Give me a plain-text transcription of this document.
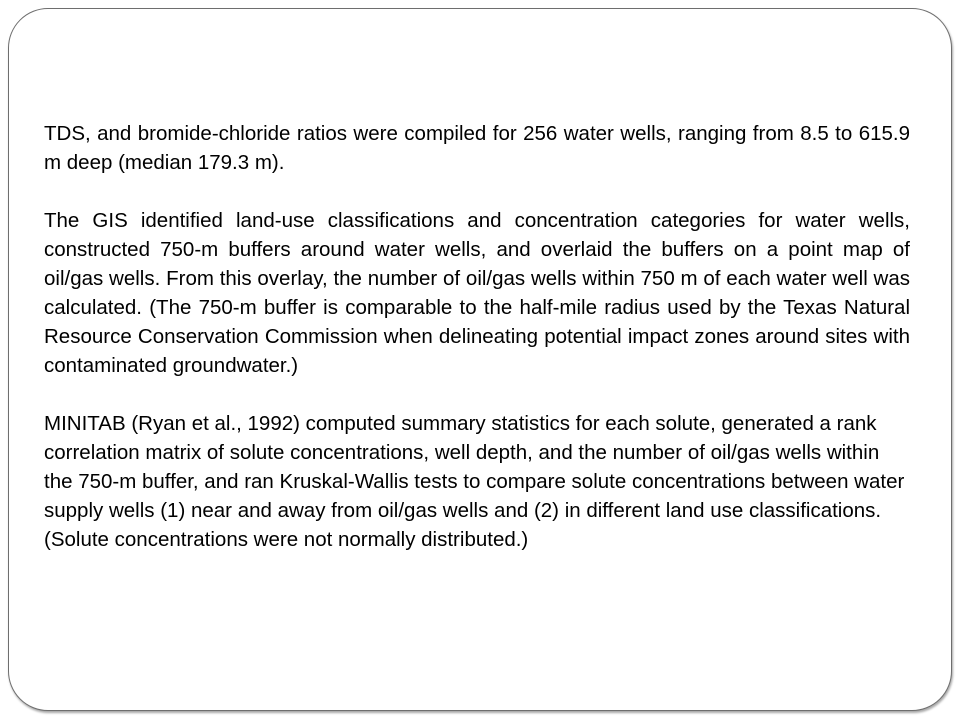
TDS, and bromide-chloride ratios were compiled for 256 water wells, ranging from 8.5 to 615.9 m deep (median 179.3 m).

The GIS identified land-use classifications and concentration categories for water wells, constructed 750-m buffers around water wells, and overlaid the buffers on a point map of oil/gas wells. From this overlay, the number of oil/gas wells within 750 m of each water well was calculated. (The 750-m buffer is comparable to the half-mile radius used by the Texas Natural Resource Conservation Commission when delineating potential impact zones around sites with contaminated groundwater.)

MINITAB (Ryan et al., 1992) computed summary statistics for each solute, generated a rank correlation matrix of solute concentrations, well depth, and the number of oil/gas wells within the 750-m buffer, and ran Kruskal-Wallis tests to compare solute concentrations between water supply wells (1) near and away from oil/gas wells and (2) in different land use classifications. (Solute concentrations were not normally distributed.)
